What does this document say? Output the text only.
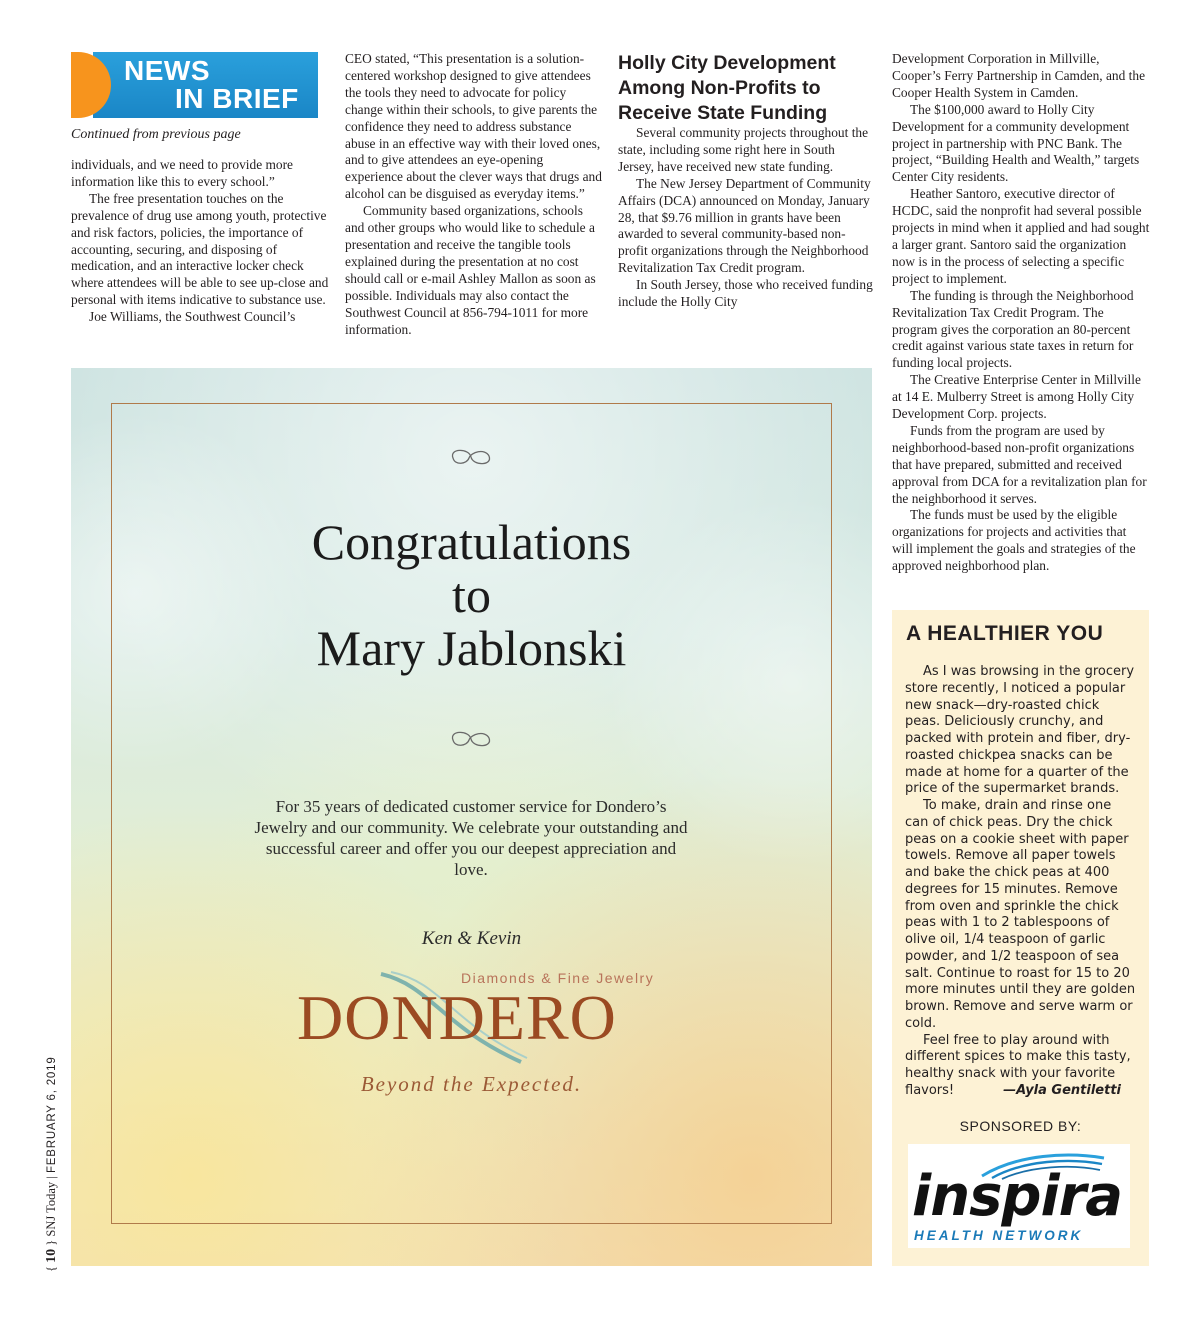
NEWS
IN BRIEF
Continued from previous page

individuals, and we need to provide more information like this to every school.”

The free presentation touches on the prevalence of drug use among youth, protective and risk factors, policies, the importance of accounting, securing, and disposing of medication, and an interactive locker check where attendees will be able to see up-close and personal with items indicative to substance use.

Joe Williams, the Southwest Council’s

CEO stated, “This presentation is a solution-centered workshop designed to give attendees the tools they need to advocate for policy change within their schools, to give parents the confidence they need to address substance abuse in an effective way with their loved ones, and to give attendees an eye-opening experience about the clever ways that drugs and alcohol can be disguised as everyday items.”

Community based organizations, schools and other groups who would like to schedule a presentation and receive the tangible tools explained during the presentation at no cost should call or e-mail Ashley Mallon as soon as possible. Individuals may also contact the Southwest Council at 856-794-1011 for more information.

Holly City Development Among Non-Profits to Receive State Funding

Several community projects throughout the state, including some right here in South Jersey, have received new state funding.

The New Jersey Department of Community Affairs (DCA) announced on Monday, January 28, that $9.76 million in grants have been awarded to several community-based non-profit organizations through the Neighborhood Revitalization Tax Credit program.

In South Jersey, those who received funding include the Holly City

Development Corporation in Millville, Cooper’s Ferry Partnership in Camden, and the Cooper Health System in Camden.

The $100,000 award to Holly City Development for a community development project in partnership with PNC Bank. The project, “Building Health and Wealth,” targets Center City residents.

Heather Santoro, executive director of HCDC, said the nonprofit had several possible projects in mind when it applied and had sought a larger grant. Santoro said the organization now is in the process of selecting a specific project to implement.

The funding is through the Neighborhood Revitalization Tax Credit Program. The program gives the corporation an 80-percent credit against various state taxes in return for funding local projects.

The Creative Enterprise Center in Millville at 14 E. Mulberry Street is among Holly City Development Corp. projects.

Funds from the program are used by neighborhood-based non-profit organizations that have prepared, submitted and received approval from DCA for a revitalization plan for the neighborhood it serves.

The funds must be used by the eligible organizations for projects and activities that will implement the goals and strategies of the approved neighborhood plan.

Congratulations
to
Mary Jablonski

For 35 years of dedicated customer service for Dondero’s Jewelry and our community. We celebrate your outstanding and successful career and offer you our deepest appreciation and love.

Ken & Kevin
Diamonds & Fine Jewelry
DONDERO
Beyond the Expected.
A HEALTHIER YOU

As I was browsing in the grocery store recently, I noticed a popular new snack—dry-roasted chick peas. Deliciously crunchy, and packed with protein and fiber, dry-roasted chickpea snacks can be made at home for a quarter of the price of the supermarket brands.

To make, drain and rinse one can of chick peas. Dry the chick peas on a cookie sheet with paper towels. Remove all paper towels and bake the chick peas at 400 degrees for 15 minutes. Remove from oven and sprinkle the chick peas with 1 to 2 tablespoons of olive oil, 1/4 teaspoon of garlic powder, and 1/2 teaspoon of sea salt. Continue to roast for 15 to 20 more minutes until they are golden brown. Remove and serve warm or cold.

Feel free to play around with different spices to make this tasty, healthy snack with your favorite flavors!	—Ayla Gentiletti

SPONSORED BY:
inspira
HEALTH NETWORK
{ 10 } SNJ Today | FEBRUARY 6, 2019
